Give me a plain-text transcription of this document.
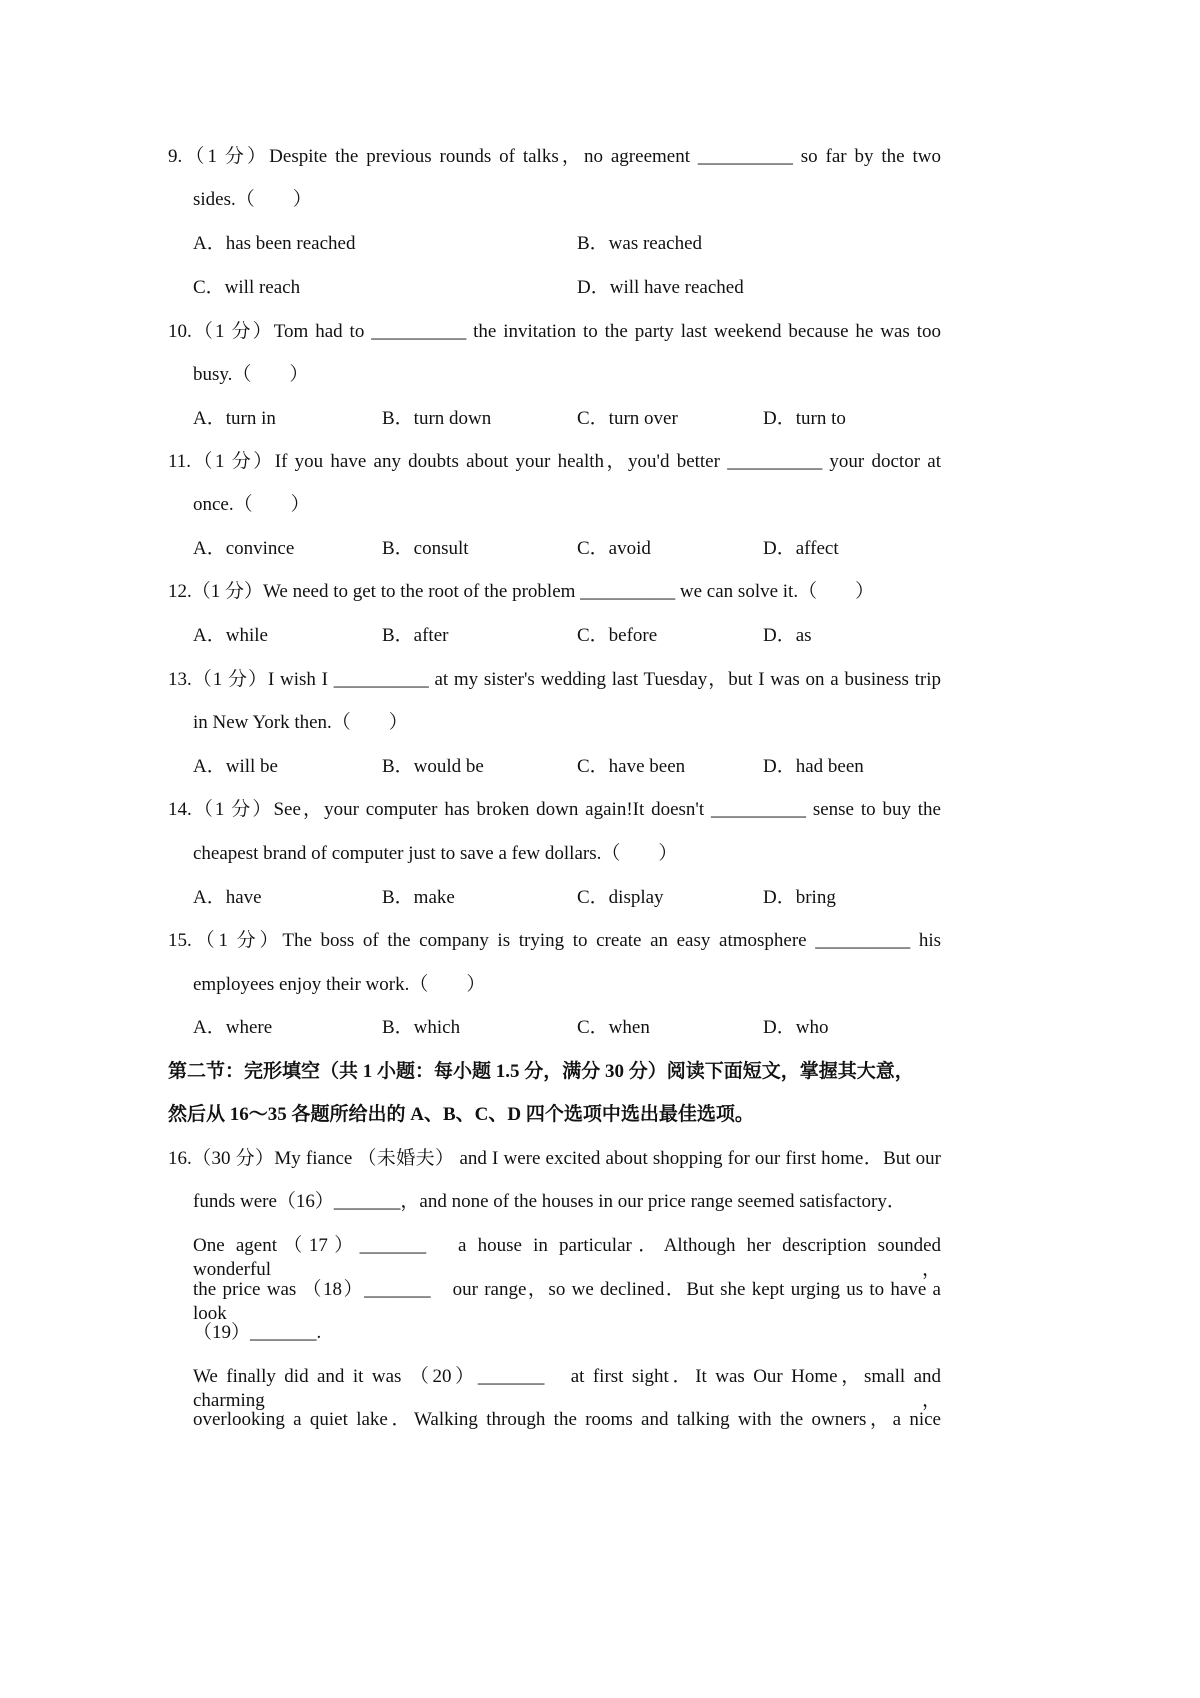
9.（1 分）Despite the previous rounds of talks，no agreement __________ so far by the two
sides.（　　）
A．has been reached	B．was reached
C．will reach	D．will have reached
10.（1 分）Tom had to __________ the invitation to the party last weekend because he was too
busy.（　　）
A．turn in	B．turn down	C．turn over	D．turn to
11.（1 分）If you have any doubts about your health，you'd better __________ your doctor at
once.（　　）
A．convince	B．consult	C．avoid	D．affect
12.（1 分）We need to get to the root of the problem __________ we can solve it.（　　）
A．while	B．after	C．before	D．as
13.（1 分）I wish I __________ at my sister's wedding last Tuesday，but I was on a business trip
in New York then.（　　）
A．will be	B．would be	C．have been	D．had been
14.（1 分）See，your computer has broken down again!It doesn't __________ sense to buy the
cheapest brand of computer just to save a few dollars.（　　）
A．have	B．make	C．display	D．bring
15.（1 分）The boss of the company is trying to create an easy atmosphere __________ his
employees enjoy their work.（　　）
A．where	B．which	C．when	D．who
第二节：完形填空（共 1 小题：每小题 1.5 分，满分 30 分）阅读下面短文，掌握其大意，
然后从 16～35 各题所给出的 A、B、C、D 四个选项中选出最佳选项。
16.（30 分）My fiance （未婚夫） and I were excited about shopping for our first home．But our
funds were（16）_______，and none of the houses in our price range seemed satisfactory．
One agent（17）_______　a house in particular．Although her description sounded wonderful，
the price was （18）_______　our range，so we declined．But she kept urging us to have a look
（19）_______.
We finally did and it was （20）_______　at first sight．It was Our Home，small and charming，
overlooking a quiet lake．Walking through the rooms and talking with the owners，a nice
